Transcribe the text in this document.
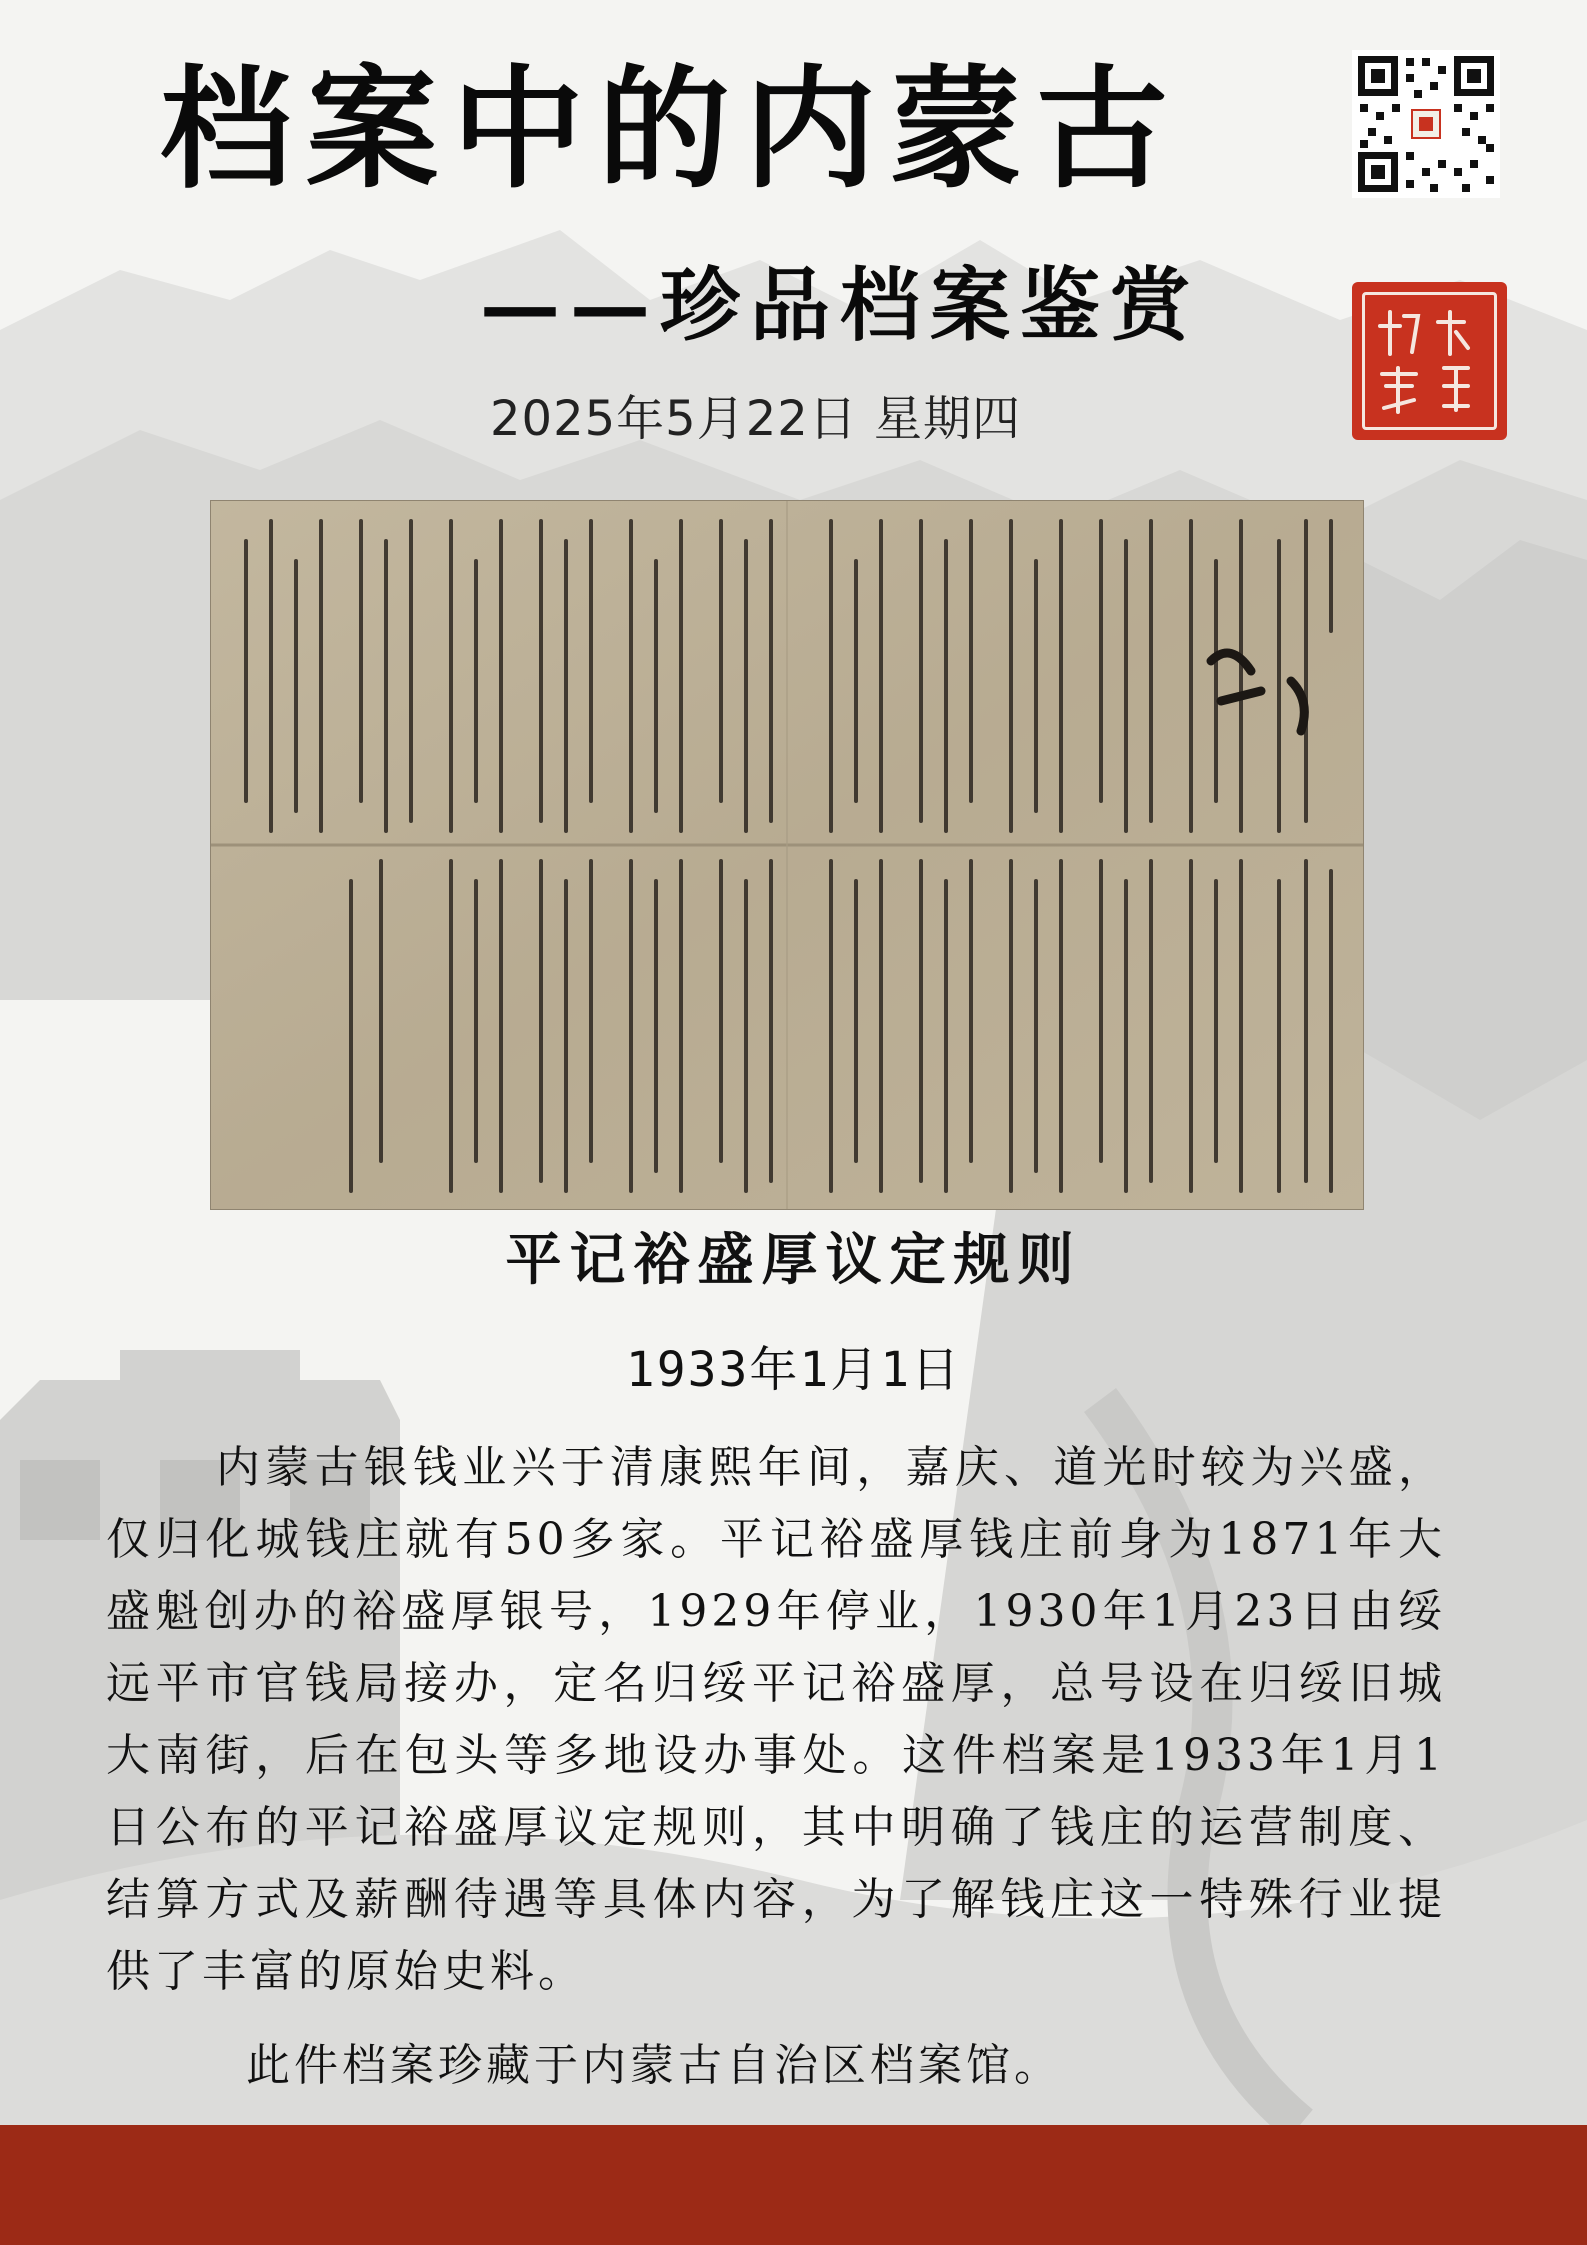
档案中的内蒙古
——珍品档案鉴赏
2025年5月22日 星期四
平记裕盛厚议定规则
1933年1月1日
内蒙古银钱业兴于清康熙年间，嘉庆、道光时较为兴盛，仅归化城钱庄就有50多家。平记裕盛厚钱庄前身为1871年大盛魁创办的裕盛厚银号，1929年停业，1930年1月23日由绥远平市官钱局接办，定名归绥平记裕盛厚，总号设在归绥旧城大南街，后在包头等多地设办事处。这件档案是1933年1月1日公布的平记裕盛厚议定规则，其中明确了钱庄的运营制度、结算方式及薪酬待遇等具体内容，为了解钱庄这一特殊行业提供了丰富的原始史料。
此件档案珍藏于内蒙古自治区档案馆。
